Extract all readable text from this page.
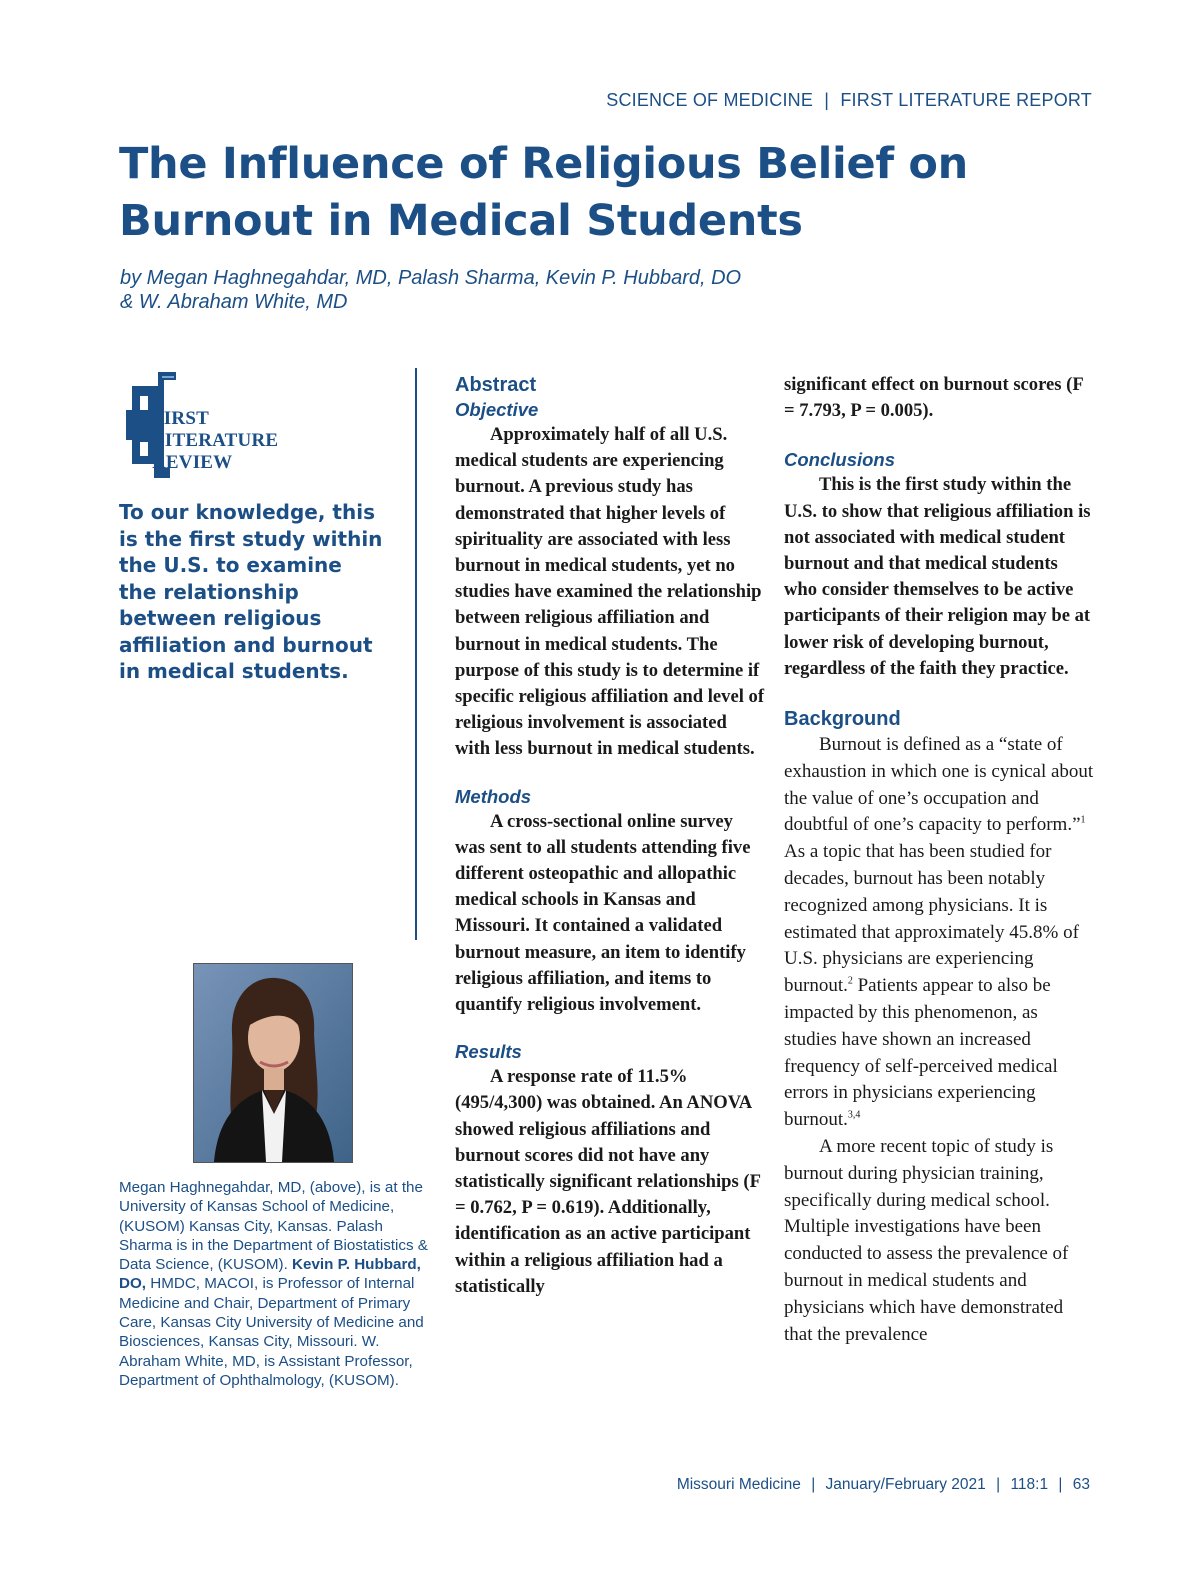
SCIENCE OF MEDICINE | FIRST LITERATURE REPORT
The Influence of Religious Belief on
Burnout in Medical Students
by Megan Haghnegahdar, MD, Palash Sharma, Kevin P. Hubbard, DO
& W. Abraham White, MD
FIRST
LITERATURE
REVIEW
To our knowledge, this is the first study within the U.S. to examine the relationship between religious affiliation and burnout in medical students.
Megan Haghnegahdar, MD, (above), is at the University of Kansas School of Medicine, (KUSOM) Kansas City, Kansas. Palash Sharma is in the Department of Biostatistics & Data Science, (KUSOM). Kevin P. Hubbard, DO, HMDC, MACOI, is Professor of Internal Medicine and Chair, Department of Primary Care, Kansas City University of Medicine and Biosciences, Kansas City, Missouri. W. Abraham White, MD, is Assistant Professor, Department of Ophthalmology, (KUSOM).
Abstract
Objective

Approximately half of all U.S. medical students are experiencing burnout. A previous study has demonstrated that higher levels of spirituality are associated with less burnout in medical students, yet no studies have examined the relationship between religious affiliation and burnout in medical students. The purpose of this study is to determine if specific religious affiliation and level of religious involvement is associated with less burnout in medical students.

Methods

A cross-sectional online survey was sent to all students attending five different osteopathic and allopathic medical schools in Kansas and Missouri. It contained a validated burnout measure, an item to identify religious affiliation, and items to quantify religious involvement.

Results

A response rate of 11.5% (495/4,300) was obtained. An ANOVA showed religious affiliations and burnout scores did not have any statistically significant relationships (F = 0.762, P = 0.619). Additionally, identification as an active participant within a religious affiliation had a statistically

significant effect on burnout scores (F = 7.793, P = 0.005).

Conclusions

This is the first study within the U.S. to show that religious affiliation is not associated with medical student burnout and that medical students who consider themselves to be active participants of their religion may be at lower risk of developing burnout, regardless of the faith they practice.

Background

Burnout is defined as a “state of exhaustion in which one is cynical about the value of one’s occupation and doubtful of one’s capacity to perform.”$^1$ As a topic that has been studied for decades, burnout has been notably recognized among physicians. It is estimated that approximately 45.8% of U.S. physicians are experiencing burnout.$^2$ Patients appear to also be impacted by this phenomenon, as studies have shown an increased frequency of self-perceived medical errors in physicians experiencing burnout.$^{3,4}$

A more recent topic of study is burnout during physician training, specifically during medical school. Multiple investigations have been conducted to assess the prevalence of burnout in medical students and physicians which have demonstrated that the prevalence

Missouri Medicine | January/February 2021 | 118:1 | 63
